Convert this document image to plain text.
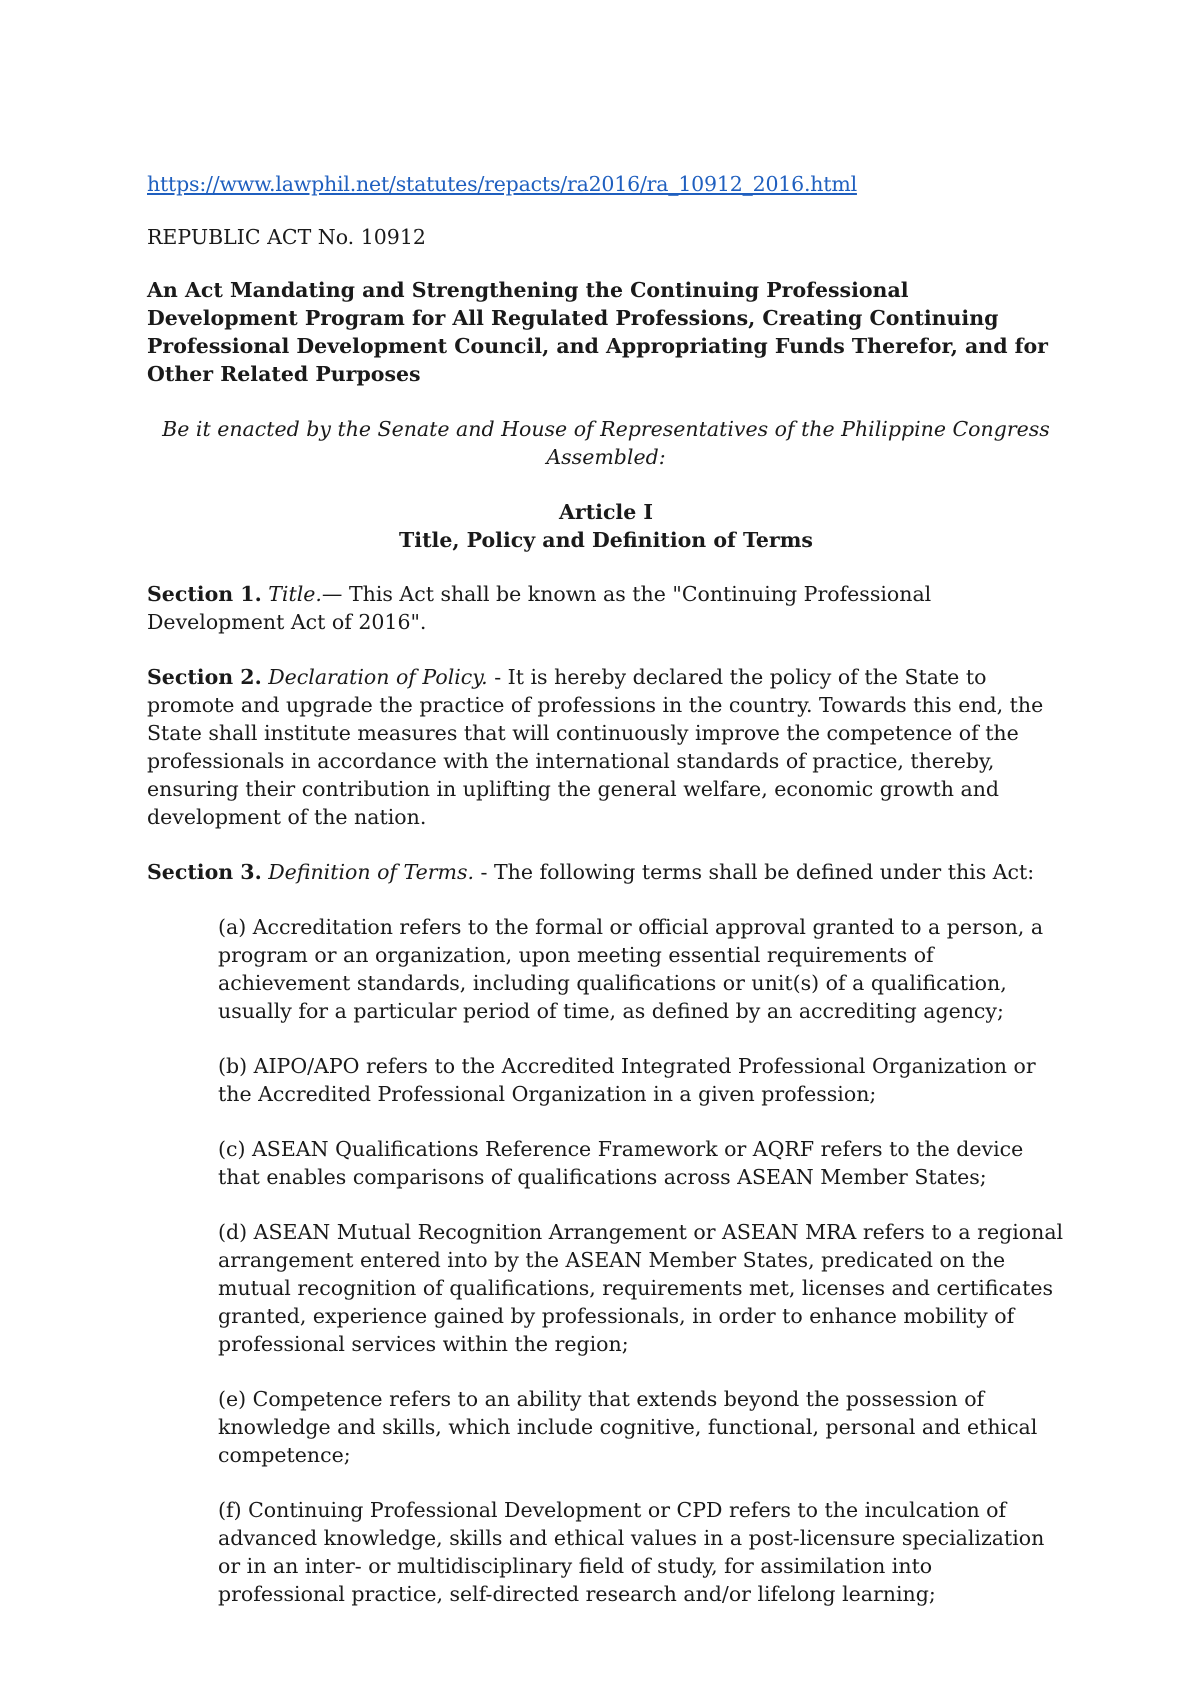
https://www.lawphil.net/statutes/repacts/ra2016/ra_10912_2016.html

REPUBLIC ACT No. 10912

An Act Mandating and Strengthening the Continuing Professional Development Program for All Regulated Professions, Creating Continuing Professional Development Council, and Appropriating Funds Therefor, and for Other Related Purposes

Be it enacted by the Senate and House of Representatives of the Philippine Congress Assembled:

Article I
Title, Policy and Definition of Terms

Section 1. Title.— This Act shall be known as the "Continuing Professional Development Act of 2016".

Section 2. Declaration of Policy. - It is hereby declared the policy of the State to promote and upgrade the practice of professions in the country. Towards this end, the State shall institute measures that will continuously improve the competence of the professionals in accordance with the international standards of practice, thereby, ensuring their contribution in uplifting the general welfare, economic growth and development of the nation.

Section 3. Definition of Terms. - The following terms shall be defined under this Act:

(a) Accreditation refers to the formal or official approval granted to a person, a program or an organization, upon meeting essential requirements of achievement standards, including qualifications or unit(s) of a qualification, usually for a particular period of time, as defined by an accrediting agency;
(b) AIPO/APO refers to the Accredited Integrated Professional Organization or the Accredited Professional Organization in a given profession;
(c) ASEAN Qualifications Reference Framework or AQRF refers to the device that enables comparisons of qualifications across ASEAN Member States;
(d) ASEAN Mutual Recognition Arrangement or ASEAN MRA refers to a regional arrangement entered into by the ASEAN Member States, predicated on the mutual recognition of qualifications, requirements met, licenses and certificates granted, experience gained by professionals, in order to enhance mobility of professional services within the region;
(e) Competence refers to an ability that extends beyond the possession of knowledge and skills, which include cognitive, functional, personal and ethical competence;
(f) Continuing Professional Development or CPD refers to the inculcation of advanced knowledge, skills and ethical values in a post-licensure specialization or in an inter- or multidisciplinary field of study, for assimilation into professional practice, self-directed research and/or lifelong learning;
